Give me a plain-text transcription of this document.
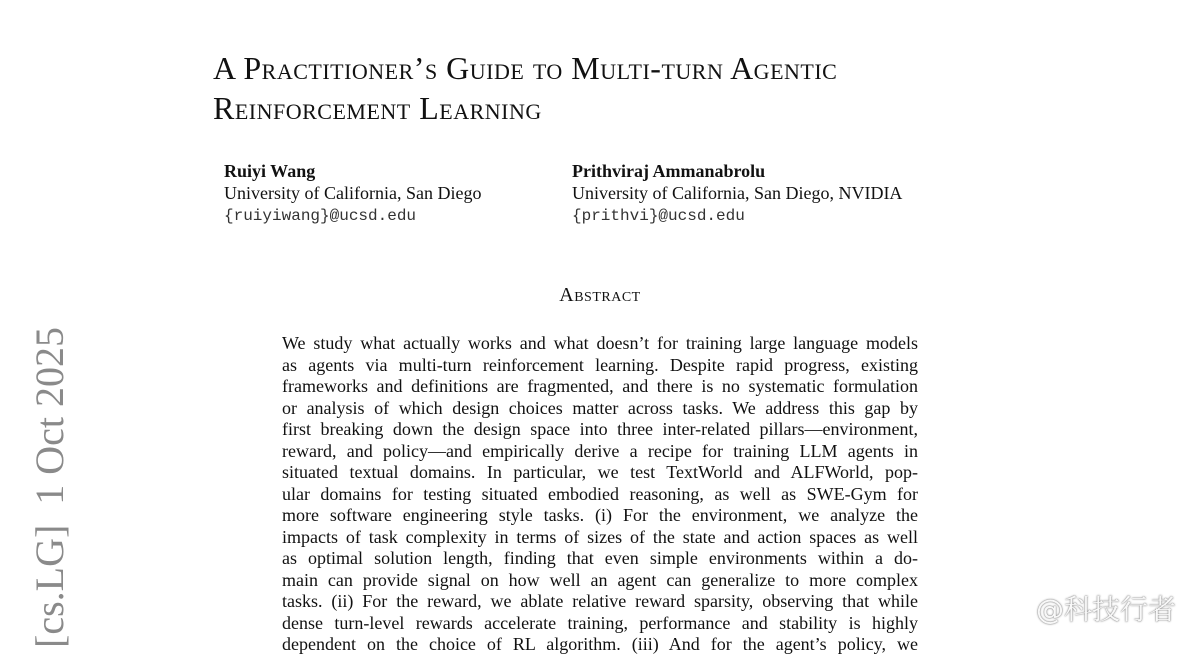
A Practitioner’s Guide to Multi-turn Agentic
Reinforcement Learning
Ruiyi Wang
University of California, San Diego
{ruiyiwang}@ucsd.edu
Prithviraj Ammanabrolu
University of California, San Diego, NVIDIA
{prithvi}@ucsd.edu
Abstract
We study what actually works and what doesn’t for training large language models
as agents via multi-turn reinforcement learning. Despite rapid progress, existing
frameworks and definitions are fragmented, and there is no systematic formulation
or analysis of which design choices matter across tasks. We address this gap by
first breaking down the design space into three inter-related pillars—environment,
reward, and policy—and empirically derive a recipe for training LLM agents in
situated textual domains. In particular, we test TextWorld and ALFWorld, pop-
ular domains for testing situated embodied reasoning, as well as SWE-Gym for
more software engineering style tasks. (i) For the environment, we analyze the
impacts of task complexity in terms of sizes of the state and action spaces as well
as optimal solution length, finding that even simple environments within a do-
main can provide signal on how well an agent can generalize to more complex
tasks. (ii) For the reward, we ablate relative reward sparsity, observing that while
dense turn-level rewards accelerate training, performance and stability is highly
dependent on the choice of RL algorithm. (iii) And for the agent’s policy, we
[cs.LG]  1 Oct 2025	@科技行者
